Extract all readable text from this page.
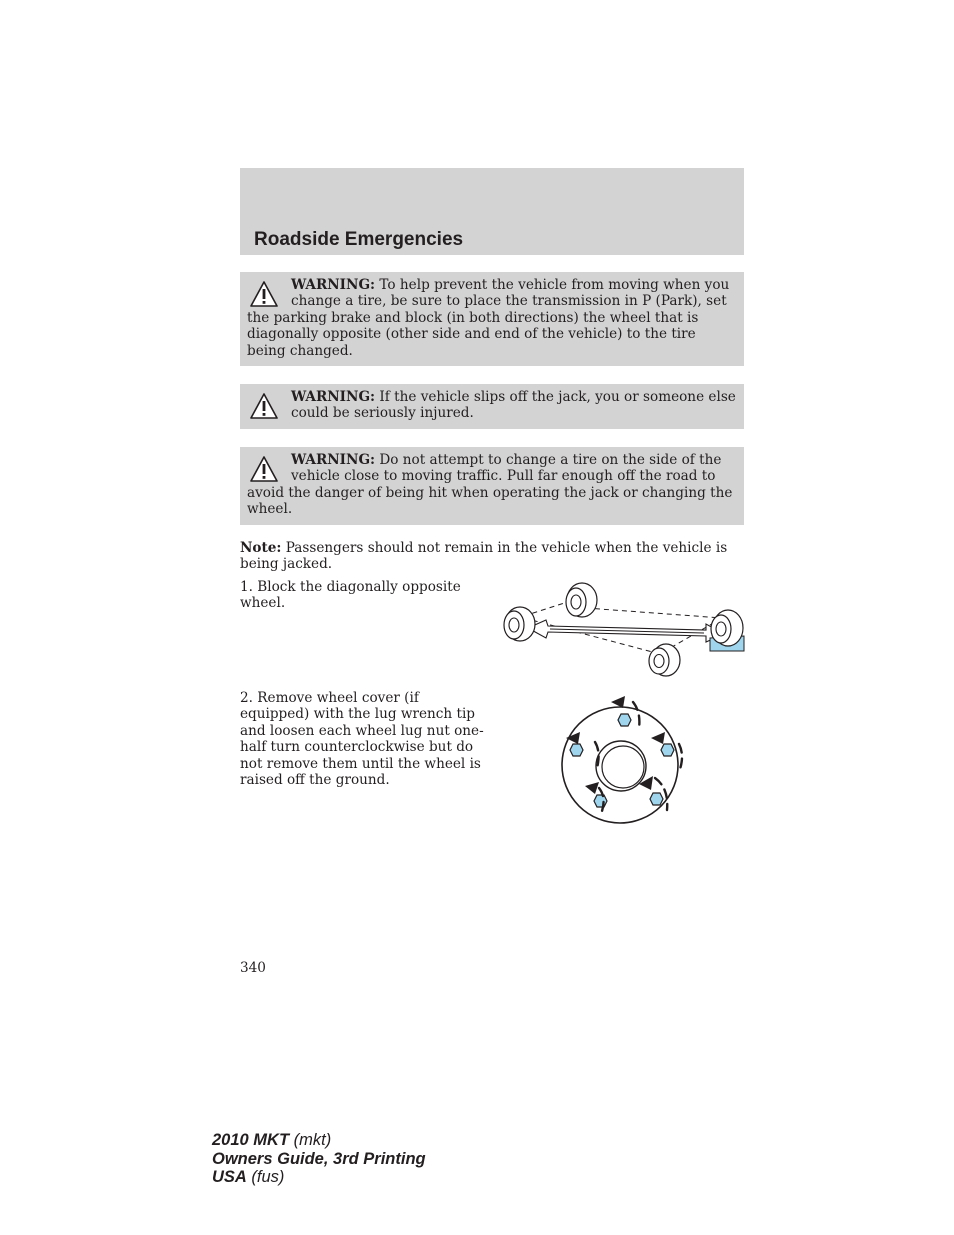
Roadside Emergencies
WARNING: To help prevent the vehicle from moving when you change a tire, be sure to place the transmission in P (Park), set the parking brake and block (in both directions) the wheel that is diagonally opposite (other side and end of the vehicle) to the tire being changed.
WARNING: If the vehicle slips off the jack, you or someone else could be seriously injured.
WARNING: Do not attempt to change a tire on the side of the vehicle close to moving traffic. Pull far enough off the road to avoid the danger of being hit when operating the jack or changing the wheel.
Note: Passengers should not remain in the vehicle when the vehicle is being jacked.
1. Block the diagonally opposite wheel.
2. Remove wheel cover (if equipped) with the lug wrench tip and loosen each wheel lug nut one-half turn counterclockwise but do not remove them until the wheel is raised off the ground.
340
2010 MKT (mkt)
Owners Guide, 3rd Printing
USA (fus)
